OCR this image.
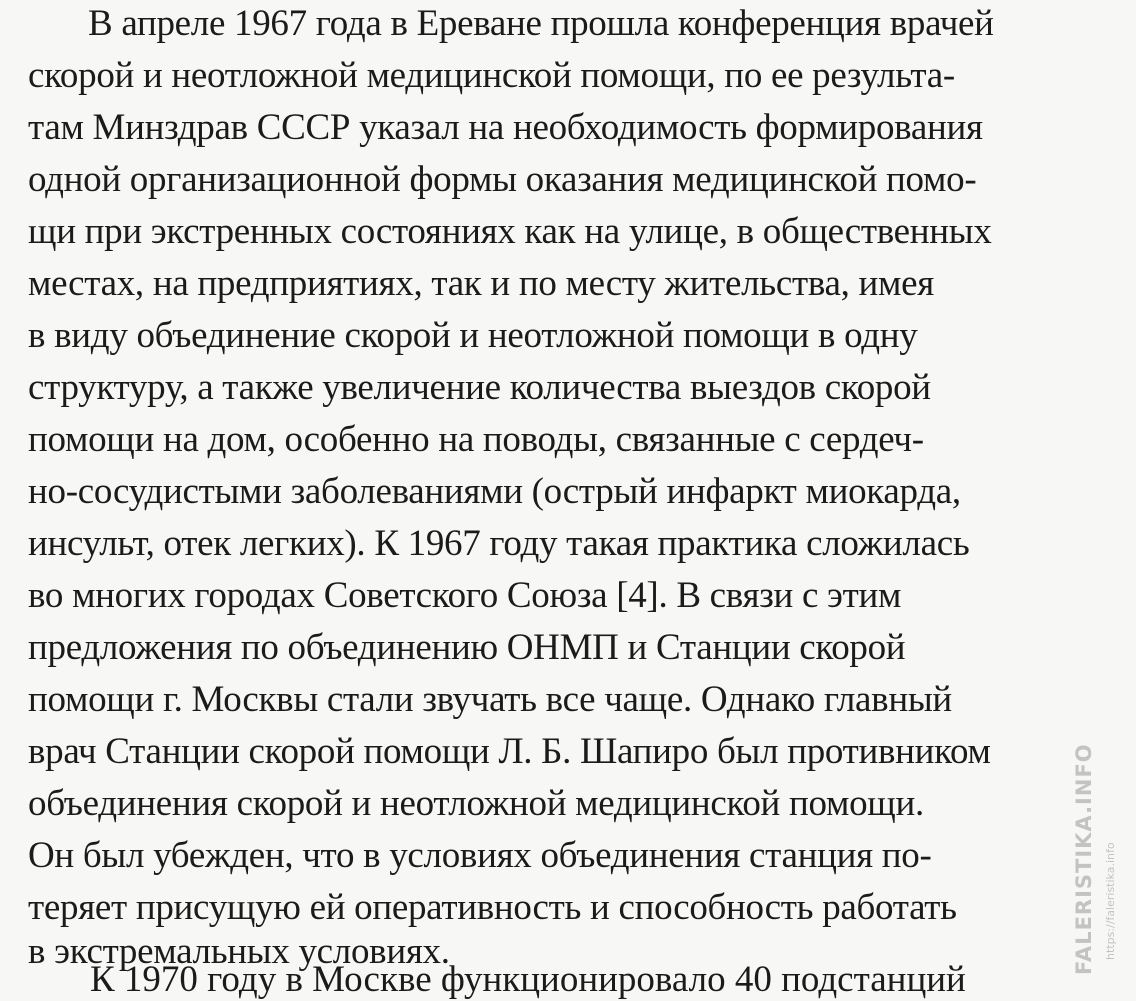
К 1970 году в Москве функционировало 40 подстанций
В апреле 1967 года в Ереване прошла конференция врачей
скорой и неотложной медицинской помощи, по ее результа-
там Минздрав СССР указал на необходимость формирования
одной организационной формы оказания медицинской помо-
щи при экстренных состояниях как на улице, в общественных
местах, на предприятиях, так и по месту жительства, имея
в виду объединение скорой и неотложной помощи в одну
структуру, а также увеличение количества выездов скорой
помощи на дом, особенно на поводы, связанные с сердеч-
но-сосудистыми заболеваниями (острый инфаркт миокарда,
инсульт, отек легких). К 1967 году такая практика сложилась
во многих городах Советского Союза [4]. В связи с этим
предложения по объединению ОНМП и Станции скорой
помощи г. Москвы стали звучать все чаще. Однако главный
врач Станции скорой помощи Л. Б. Шапиро был противником
объединения скорой и неотложной медицинской помощи.
Он был убежден, что в условиях объединения станция по-
теряет присущую ей оперативность и способность работать
в экстремальных условиях.	FALERISTIKA.INFO https://faleristika.info
